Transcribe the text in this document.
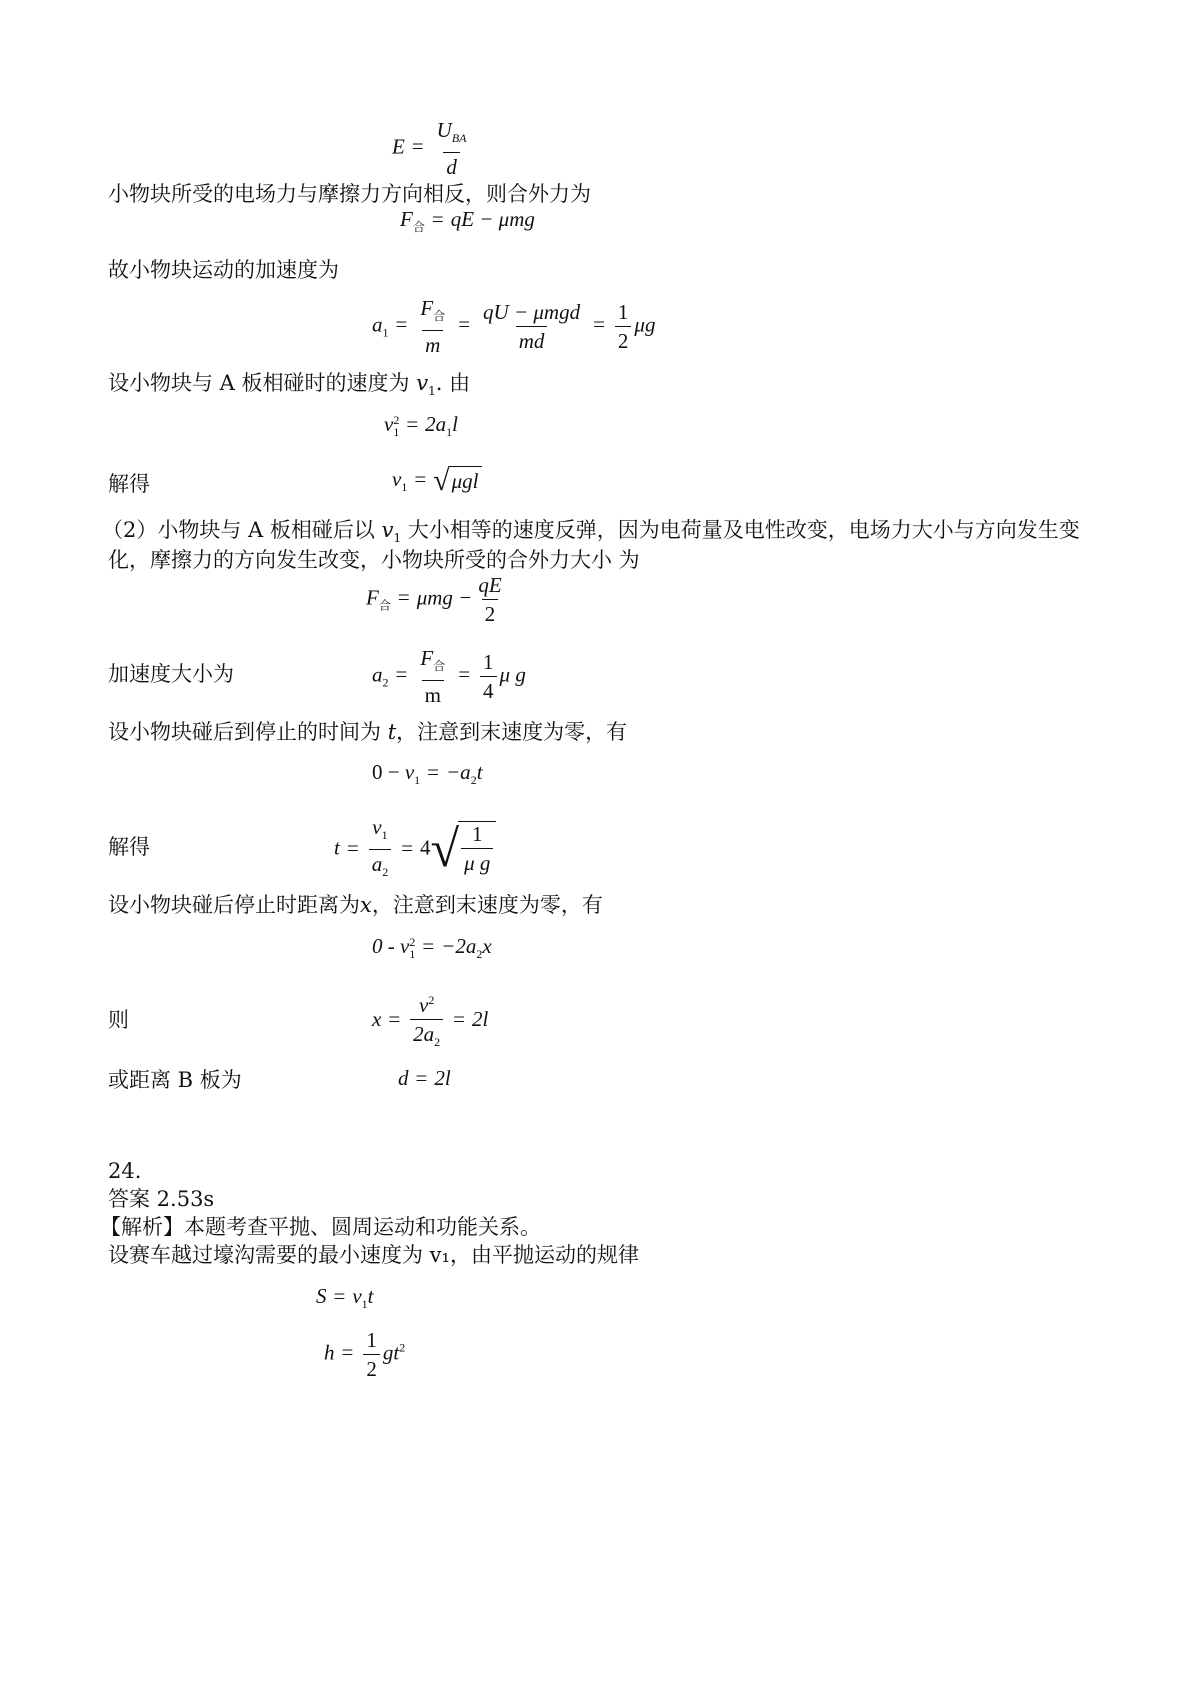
$E = \frac{U_{BA}}{d}$
小物块所受的电场力与摩擦力方向相反，则合外力为
$F_合$ = qE − μmg
故小物块运动的加速度为
$a_1 = \frac{F_合}{m} = \frac{\text{qU − μmgd}}{md} = \frac{1}{2}$ μg
设小物块与 A 板相碰时的速度为 $v_1$. 由
v 2
$1 = 2a_1l$
解得	$v_1$ = √ μgl
（2）小物块与 A 板相碰后以 $v_1$ 大小相等的速度反弹，因为电荷量及电性改变，电场力大小与方向发生变
化，摩擦力的方向发生改变，小物块所受的合外力大小 为
$F_合 = \mu mg - \frac{qE}{2}$
加速度大小为	$a_2 = \frac{F_合}{m} = \frac{1}{4}$ μ g
设小物块碰后到停止的时间为 t，注意到末速度为零，有
$0 - v_1 = -a_2t$
解得	$t = \frac{v_1}{a_2} = 4$ √ $\frac{1}{\text{μ g}}$
设小物块碰后停止时距离为x，注意到末速度为零，有
0 - v 2
$1 = -2a_2x$
则	$x = \frac{v^2}{2a_2} = 2l$
或距离 B 板为	d = 2l
24.
答案 2.53s
【解析】本题考查平抛、圆周运动和功能关系。
设赛车越过壕沟需要的最小速度为 v₁，由平抛运动的规律
$S = v_1t$
$h = \frac{1}{2} gt^2$
